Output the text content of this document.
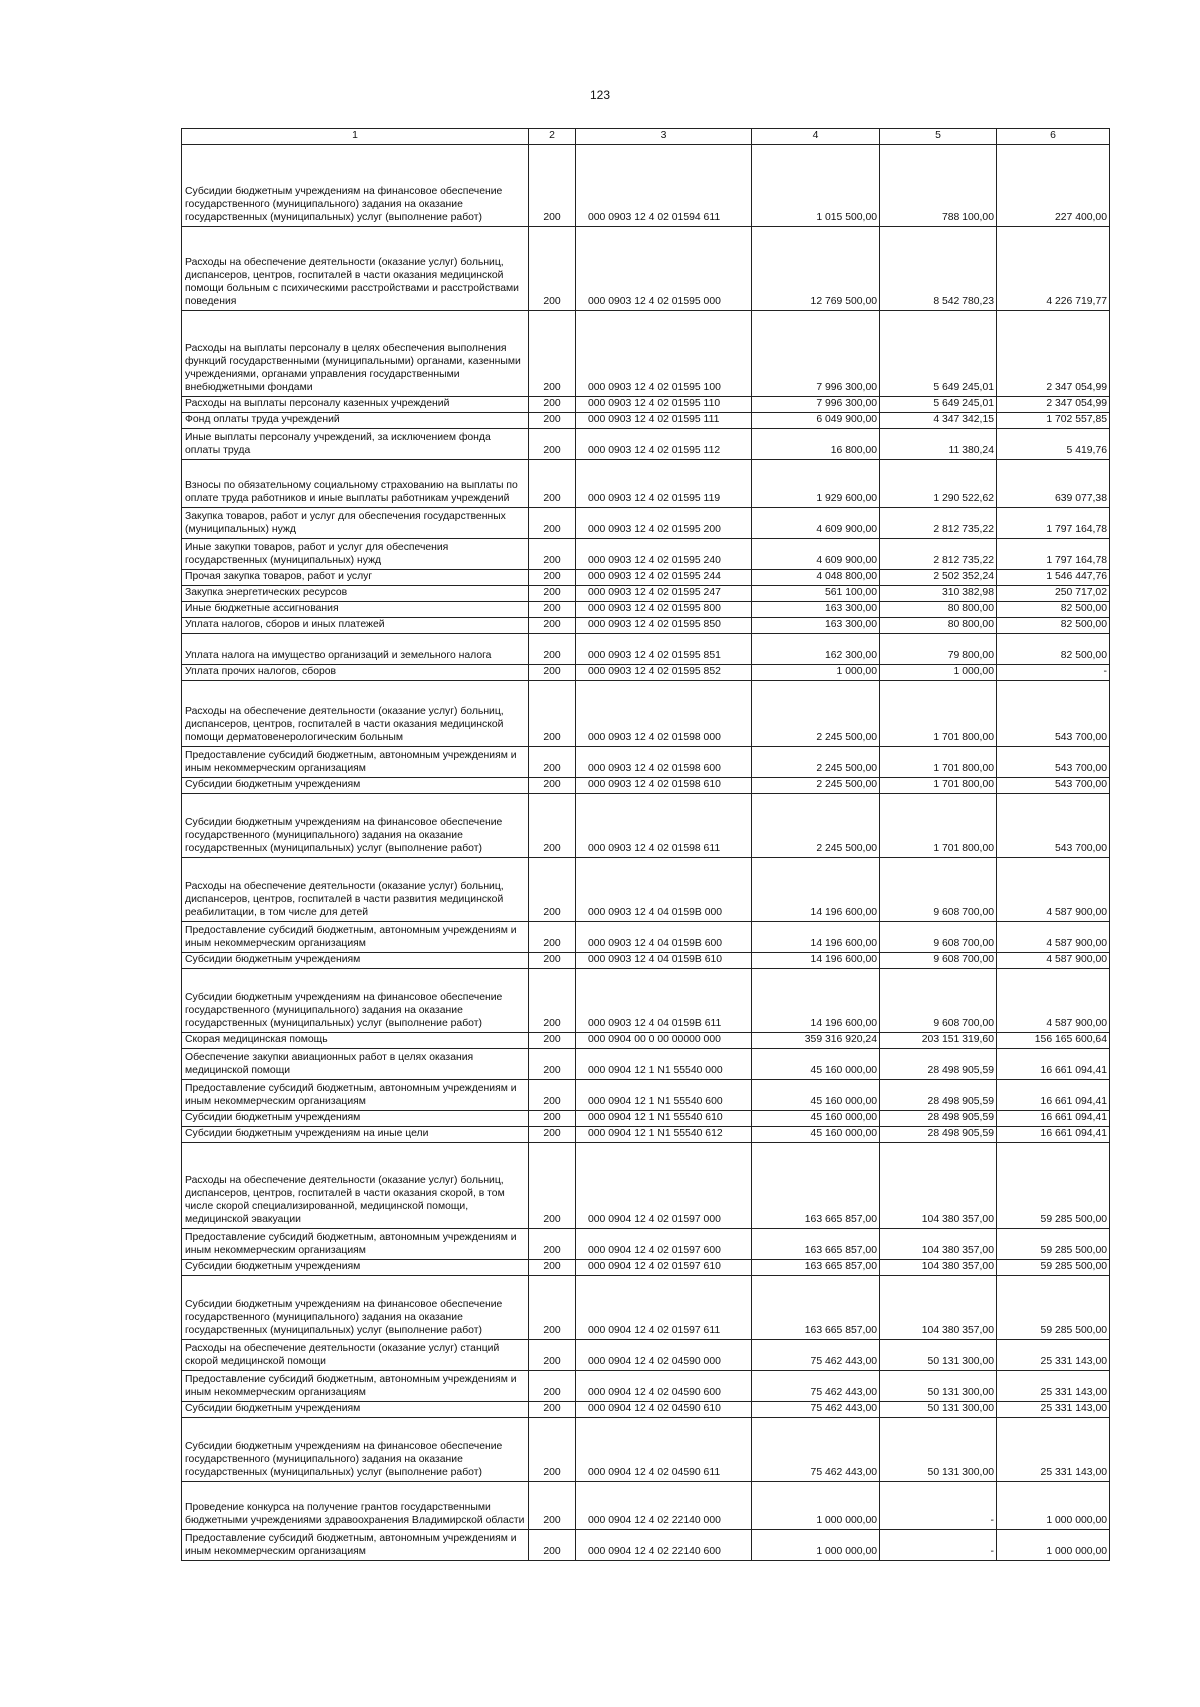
123
1	2	3	4	5	6
Субсидии бюджетным учреждениям на финансовое обеспечение государственного (муниципального) задания на оказание государственных (муниципальных) услуг (выполнение работ)	200	000 0903 12 4 02 01594 611	1 015 500,00	788 100,00	227 400,00
Расходы на обеспечение деятельности (оказание услуг) больниц, диспансеров, центров, госпиталей в части оказания медицинской помощи больным с психическими расстройствами и расстройствами поведения	200	000 0903 12 4 02 01595 000	12 769 500,00	8 542 780,23	4 226 719,77
Расходы на выплаты персоналу в целях обеспечения выполнения функций государственными (муниципальными) органами, казенными учреждениями, органами управления государственными внебюджетными фондами	200	000 0903 12 4 02 01595 100	7 996 300,00	5 649 245,01	2 347 054,99
Расходы на выплаты персоналу казенных учреждений	200	000 0903 12 4 02 01595 110	7 996 300,00	5 649 245,01	2 347 054,99
Фонд оплаты труда учреждений	200	000 0903 12 4 02 01595 111	6 049 900,00	4 347 342,15	1 702 557,85
Иные выплаты персоналу учреждений, за исключением фонда оплаты труда	200	000 0903 12 4 02 01595 112	16 800,00	11 380,24	5 419,76
Взносы по обязательному социальному страхованию на выплаты по оплате труда работников и иные выплаты работникам учреждений	200	000 0903 12 4 02 01595 119	1 929 600,00	1 290 522,62	639 077,38
Закупка товаров, работ и услуг для обеспечения государственных (муниципальных) нужд	200	000 0903 12 4 02 01595 200	4 609 900,00	2 812 735,22	1 797 164,78
Иные закупки товаров, работ и услуг для обеспечения государственных (муниципальных) нужд	200	000 0903 12 4 02 01595 240	4 609 900,00	2 812 735,22	1 797 164,78
Прочая закупка товаров, работ и услуг	200	000 0903 12 4 02 01595 244	4 048 800,00	2 502 352,24	1 546 447,76
Закупка энергетических ресурсов	200	000 0903 12 4 02 01595 247	561 100,00	310 382,98	250 717,02
Иные бюджетные ассигнования	200	000 0903 12 4 02 01595 800	163 300,00	80 800,00	82 500,00
Уплата налогов, сборов и иных платежей	200	000 0903 12 4 02 01595 850	163 300,00	80 800,00	82 500,00
Уплата налога на имущество организаций и земельного налога	200	000 0903 12 4 02 01595 851	162 300,00	79 800,00	82 500,00
Уплата прочих налогов, сборов	200	000 0903 12 4 02 01595 852	1 000,00	1 000,00	-
Расходы на обеспечение деятельности (оказание услуг) больниц, диспансеров, центров, госпиталей в части оказания медицинской помощи дерматовенерологическим больным	200	000 0903 12 4 02 01598 000	2 245 500,00	1 701 800,00	543 700,00
Предоставление субсидий бюджетным, автономным учреждениям и иным некоммерческим организациям	200	000 0903 12 4 02 01598 600	2 245 500,00	1 701 800,00	543 700,00
Субсидии бюджетным учреждениям	200	000 0903 12 4 02 01598 610	2 245 500,00	1 701 800,00	543 700,00
Субсидии бюджетным учреждениям на финансовое обеспечение государственного (муниципального) задания на оказание государственных (муниципальных) услуг (выполнение работ)	200	000 0903 12 4 02 01598 611	2 245 500,00	1 701 800,00	543 700,00
Расходы на обеспечение деятельности (оказание услуг) больниц, диспансеров, центров, госпиталей в части развития медицинской реабилитации, в том числе для детей	200	000 0903 12 4 04 0159В 000	14 196 600,00	9 608 700,00	4 587 900,00
Предоставление субсидий бюджетным, автономным учреждениям и иным некоммерческим организациям	200	000 0903 12 4 04 0159В 600	14 196 600,00	9 608 700,00	4 587 900,00
Субсидии бюджетным учреждениям	200	000 0903 12 4 04 0159В 610	14 196 600,00	9 608 700,00	4 587 900,00
Субсидии бюджетным учреждениям на финансовое обеспечение государственного (муниципального) задания на оказание государственных (муниципальных) услуг (выполнение работ)	200	000 0903 12 4 04 0159В 611	14 196 600,00	9 608 700,00	4 587 900,00
Скорая медицинская помощь	200	000 0904 00 0 00 00000 000	359 316 920,24	203 151 319,60	156 165 600,64
Обеспечение закупки авиационных работ в целях оказания медицинской помощи	200	000 0904 12 1 N1 55540 000	45 160 000,00	28 498 905,59	16 661 094,41
Предоставление субсидий бюджетным, автономным учреждениям и иным некоммерческим организациям	200	000 0904 12 1 N1 55540 600	45 160 000,00	28 498 905,59	16 661 094,41
Субсидии бюджетным учреждениям	200	000 0904 12 1 N1 55540 610	45 160 000,00	28 498 905,59	16 661 094,41
Субсидии бюджетным учреждениям на иные цели	200	000 0904 12 1 N1 55540 612	45 160 000,00	28 498 905,59	16 661 094,41
Расходы на обеспечение деятельности (оказание услуг) больниц, диспансеров, центров, госпиталей в части оказания скорой, в том числе скорой специализированной, медицинской помощи, медицинской эвакуации	200	000 0904 12 4 02 01597 000	163 665 857,00	104 380 357,00	59 285 500,00
Предоставление субсидий бюджетным, автономным учреждениям и иным некоммерческим организациям	200	000 0904 12 4 02 01597 600	163 665 857,00	104 380 357,00	59 285 500,00
Субсидии бюджетным учреждениям	200	000 0904 12 4 02 01597 610	163 665 857,00	104 380 357,00	59 285 500,00
Субсидии бюджетным учреждениям на финансовое обеспечение государственного (муниципального) задания на оказание государственных (муниципальных) услуг (выполнение работ)	200	000 0904 12 4 02 01597 611	163 665 857,00	104 380 357,00	59 285 500,00
Расходы на обеспечение деятельности (оказание услуг) станций скорой медицинской помощи	200	000 0904 12 4 02 04590 000	75 462 443,00	50 131 300,00	25 331 143,00
Предоставление субсидий бюджетным, автономным учреждениям и иным некоммерческим организациям	200	000 0904 12 4 02 04590 600	75 462 443,00	50 131 300,00	25 331 143,00
Субсидии бюджетным учреждениям	200	000 0904 12 4 02 04590 610	75 462 443,00	50 131 300,00	25 331 143,00
Субсидии бюджетным учреждениям на финансовое обеспечение государственного (муниципального) задания на оказание государственных (муниципальных) услуг (выполнение работ)	200	000 0904 12 4 02 04590 611	75 462 443,00	50 131 300,00	25 331 143,00
Проведение конкурса на получение грантов государственными бюджетными учреждениями здравоохранения Владимирской области	200	000 0904 12 4 02 22140 000	1 000 000,00	-	1 000 000,00
Предоставление субсидий бюджетным, автономным учреждениям и иным некоммерческим организациям	200	000 0904 12 4 02 22140 600	1 000 000,00	-	1 000 000,00
